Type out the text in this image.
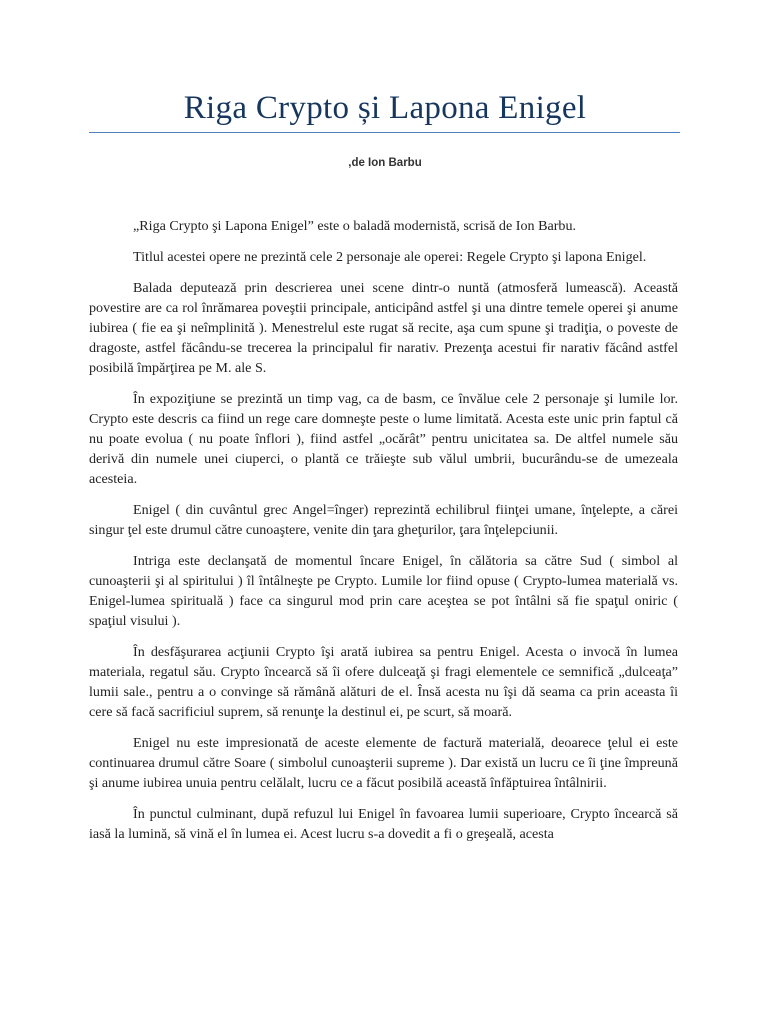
Riga Crypto și Lapona Enigel
,de Ion Barbu

„Riga Crypto şi Lapona Enigel” este o baladă modernistă, scrisă de Ion Barbu.

Titlul acestei opere ne prezintă cele 2 personaje ale operei: Regele Crypto şi lapona Enigel.

Balada deputează prin descrierea unei scene dintr-o nuntă (atmosferă lumească). Această povestire are ca rol înrămarea poveştii principale, anticipând astfel şi una dintre temele operei şi anume iubirea ( fie ea şi neîmplinită ). Menestrelul este rugat să recite, aşa cum spune şi tradiţia, o poveste de dragoste, astfel făcându-se trecerea la principalul fir narativ. Prezenţa acestui fir narativ făcând astfel posibilă împărţirea pe M. ale S.

În expoziţiune se prezintă un timp vag, ca de basm, ce învălue cele 2 personaje şi lumile lor. Crypto este descris ca fiind un rege care domneşte peste o lume limitată. Acesta este unic prin faptul că nu poate evolua ( nu poate înflori ), fiind astfel „ocărât” pentru unicitatea sa. De altfel numele său derivă din numele unei ciuperci, o plantă ce trăieşte sub vălul umbrii, bucurându-se de umezeala acesteia.

Enigel ( din cuvântul grec Angel=înger) reprezintă echilibrul fiinţei umane, înţelepte, a cărei singur ţel este drumul către cunoaştere, venite din ţara gheţurilor, ţara înţelepciunii.

Intriga este declanşată de momentul încare Enigel, în călătoria sa către Sud ( simbol al cunoaşterii şi al spiritului ) îl întâlneşte pe Crypto. Lumile lor fiind opuse ( Crypto-lumea materială vs. Enigel-lumea spirituală ) face ca singurul mod prin care aceştea se pot întâlni să fie spaţul oniric ( spaţiul visului ).

În desfăşurarea acţiunii Crypto îşi arată iubirea sa pentru Enigel. Acesta o invocă în lumea materiala, regatul său. Crypto încearcă să îi ofere dulceaţă şi fragi elementele ce semnifică „dulceaţa” lumii sale., pentru a o convinge să rămână alături de el. Însă acesta nu îşi dă seama ca prin aceasta îi cere să facă sacrificiul suprem, să renunţe la destinul ei, pe scurt, să moară.

Enigel nu este impresionată de aceste elemente de factură materială, deoarece ţelul ei este continuarea drumul către Soare ( simbolul cunoaşterii supreme ). Dar există un lucru ce îi ţine împreună şi anume iubirea unuia pentru celălalt, lucru ce a făcut posibilă această înfăptuirea întâlnirii.

În punctul culminant, după refuzul lui Enigel în favoarea lumii superioare, Crypto încearcă să iasă la lumină, să vină el în lumea ei. Acest lucru s-a dovedit a fi o greşeală, acesta
